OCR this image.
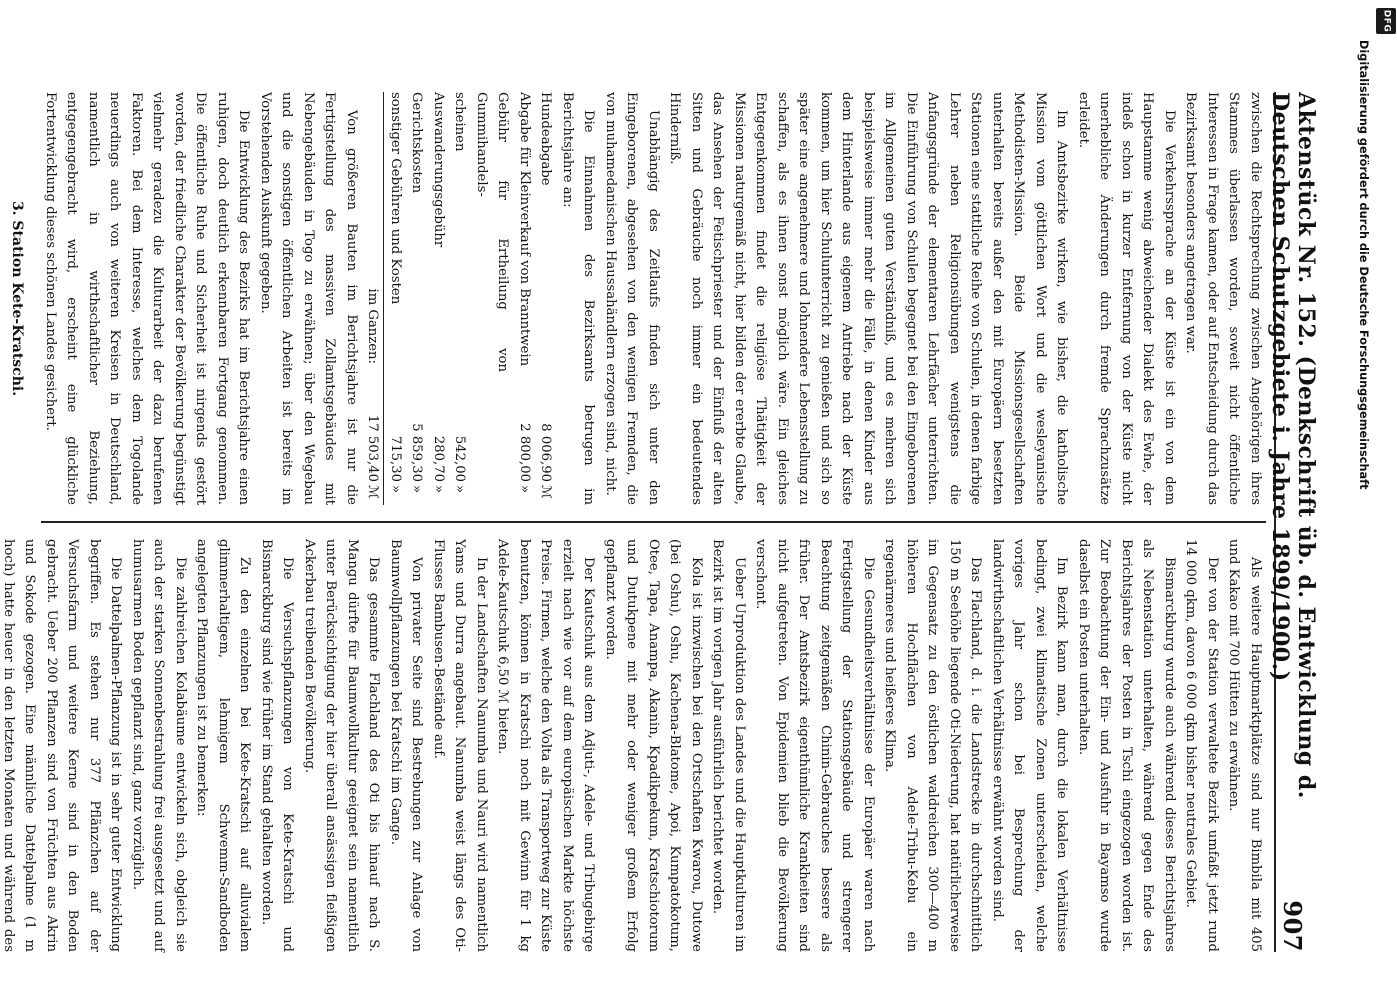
Aktenstück Nr. 152. (Denkschrift üb. d. Entwicklung d. Deutschen Schutzgebiete i. Jahre 1899/1900.)
907

zwischen die Rechtsprechung zwischen Angehörigen ihres Stammes überlassen worden, soweit nicht öffentliche Interessen in Frage kamen, oder auf Entscheidung durch das Bezirksamt besonders angetragen war.

Die Verkehrssprache an der Küste ist ein von dem Haupstamme wenig abweichender Dialekt des Ewhe, der indeß schon in kurzer Entfernung von der Küste nicht unerhebliche Änderungen durch fremde Sprachzusätze erleidet.

Im Amtsbezirke wirken, wie bisher, die katholische Mission vom göttlichen Wort und die wesleyanische Methodisten-Mission. Beide Missionsgesellschaften unterhalten bereits außer den mit Europäern besetzten Stationen eine stattliche Reihe von Schulen, in denen farbige Lehrer neben Religionsübungen wenigstens die Anfangsgründe der elementaren Lehrfächer unterrichten. Die Einführung von Schulen begegnet bei den Eingeborenen im Allgemeinen guten Verständniß, und es mehren sich beispielsweise immer mehr die Fälle, in denen Kinder aus dem Hinterlande aus eigenem Antriebe nach der Küste kommen, um hier Schulunterricht zu genießen und sich so später eine angenehmere und lohnendere Lebensstellung zu schaffen, als es ihnen sonst möglich wäre. Ein gleiches Entgegenkommen findet die religiöse Thätigkeit der Missionen naturgemäß nicht, hier bilden der ererbte Glaube, das Ansehen der Fetischpriester und der Einfluß der alten Sitten und Gebräuche noch immer ein bedeutendes Hinderniß.

Unabhängig des Zeitlaufs finden sich unter den Eingeborenen, abgesehen von den wenigen Fremden, die von muhamedanischen Haussahändlern erzogen sind, nicht.

Die Einnahmen des Bezirksamts betrugen im Berichtsjahre an:

Hundeabgabe	8 006,90	ℳ
Abgabe für Kleinverkauf von Branntwein	2 800,00	»
Gebühr für Ertheilung von Gummihandels-		
scheinen	542,00	»
Auswanderungsgebühr	280,70	»
Gerichtskosten	5 859,30	»
sonstiger Gebühren und Kosten	715,30	»
im Ganzen:	17 503,40	ℳ

Von größeren Bauten im Berichtsjahre ist nur die Fertigstellung des massiven Zollamtsgebäudes mit Nebengebäuden in Togo zu erwähnen; über den Wegebau und die sonstigen öffentlichen Arbeiten ist bereits im Vorstehenden Auskunft gegeben.

Die Entwicklung des Bezirks hat im Berichtsjahre einen ruhigen, doch deutlich erkennbaren Fortgang genommen. Die öffentliche Ruhe und Sicherheit ist nirgends gestört worden, der friedliche Charakter der Bevölkerung begünstigt vielmehr geradezu die Kulturarbeit der dazu berufenen Faktoren. Bei dem Interesse, welches dem Togolande neuerdings auch von weiteren Kreisen in Deutschland, namentlich in wirthschaftlicher Beziehung, entgegengebracht wird, erscheint eine glückliche Fortentwicklung dieses schönen Landes gesichert.

3. Station Kete-Kratschi.

Als weitere Hauptmarktplätze sind nur Bimbila mit 405 und Kakao mit 700 Hütten zu erwähnen.

Der von der Station verwaltete Bezirk umfaßt jetzt rund 14 000 qkm, davon 6 000 qkm bisher neutrales Gebiet.

Bismarckburg wurde auch während dieses Berichtsjahres als Nebenstation unterhalten, während gegen Ende des Berichtsjahres der Posten in Tschi eingezogen worden ist. Zur Beobachtung der Ein- und Ausfuhr in Bayamso wurde daselbst ein Posten unterhalten.

Im Bezirk kann man, durch die lokalen Verhältnisse bedingt, zwei klimatische Zonen unterscheiden, welche voriges Jahr schon bei Besprechung der landwirthschaftlichen Verhältnisse erwähnt worden sind.

Das Flachland, d. i. die Landstrecke in durchschnittlich 150 m Seehöhe liegende Oti-Niederung, hat natürlicherweise im Gegensatz zu den östlichen waldreichen 300—400 m höheren Hochflächen von Adele-Tribu-Kebu ein regenärmeres und heißeres Klima.

Die Gesundheitsverhältnisse der Europäer waren nach Fertigstellung der Stationsgebäude und strengerer Beachtung zeitgemäßen Chinin-Gebrauches bessere als früher. Der Amtsbezirk eigenthümliche Krankheiten sind nicht aufgetreten. Von Epidemien blieb die Bevölkerung verschont.

Ueber Urproduktion des Landes und die Hauptkulturen im Bezirk ist im vorigen Jahr ausführlich berichtet worden.

Kola ist inzwischen bei den Ortschaften Kwarou, Dutowe (bei Oshu), Oshu, Kachena-Blatome, Apoi, Kumpatokotum, Otee, Tapa, Anampa, Akanin, Kpadikpekum, Kratschiotorum und Dutukpene mit mehr oder weniger großem Erfolg gepflanzt worden.

Der Kautschuk aus dem Adjuti-, Adele- und Tribugebirge erzielt nach wie vor auf dem europäischen Markte höchste Preise. Firmen, welche den Volta als Transportweg zur Küste benutzen, können in Kratschi noch mit Gewinn für 1 kg Adele-Kautschuk 6,50 ℳ bieten.

In der Landschaften Nanumba und Nauri wird namentlich Yams und Durra angebaut. Nanumba weist längs des Oti-Flusses Bambusen-Bestände auf.

Von privater Seite sind Bestrebungen zur Anlage von Baumwollpflanzungen bei Kratschi im Gange.

Das gesammte Flachland des Oti bis hinauf nach S. Mangu dürfte für Baumwollkultur geeignet sein namentlich unter Berücksichtigung der hier überall ansässigen fleißigen Ackerbau treibenden Bevölkerung.

Die Versuchspflanzungen von Kete-Kratschi und Bismarckburg sind wie früher im Stand gehalten worden.

Zu den einzelnen bei Kete-Kratschi auf alluvialem glimmerhaltigem, lehmigem Schwemm-Sandboden angelegten Pflanzungen ist zu bemerken:

Die zahlreichen Kolabäume entwickeln sich, obgleich sie auch der starken Sonnenbestrahlung frei ausgesetzt und auf humusarmen Boden gepflanzt sind, ganz vorzüglich.

Die Dattelpalmen-Pflanzung ist in sehr guter Entwicklung begriffen. Es stehen nur 377 Pflänzchen auf der Versuchsfarm und weitere Kerne sind in den Boden gebracht. Ueber 200 Pflanzen sind von Früchten aus Akrin und Sokode gezogen. Eine männliche Dattelpalme (1 m hoch) hatte heuer in den letzten Monaten und während des

DFG
Digitalisierung gefördert durch die Deutsche Forschungsgemeinschaft
